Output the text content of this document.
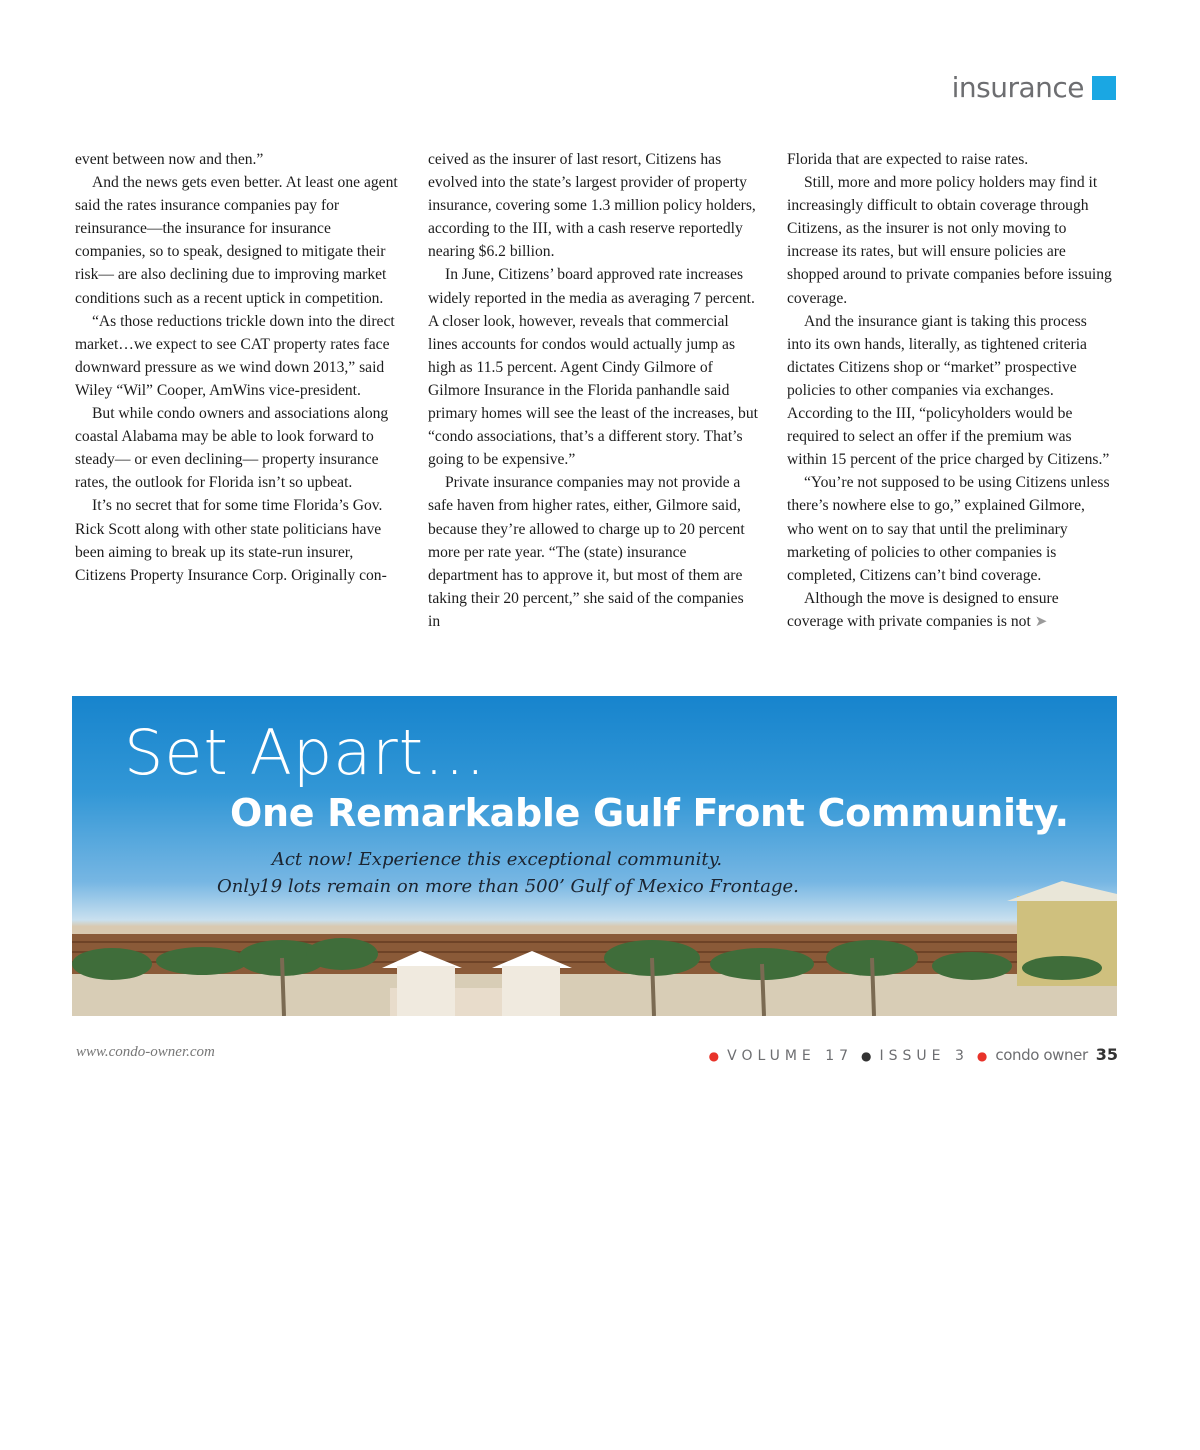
insurance

event between now and then.”

And the news gets even better. At least one agent said the rates insurance companies pay for reinsurance—the insurance for insurance companies, so to speak, designed to mitigate their risk— are also declining due to improving market conditions such as a recent uptick in competition.

“As those reductions trickle down into the direct market…we expect to see CAT property rates face downward pressure as we wind down 2013,” said Wiley “Wil” Cooper, AmWins vice-president.

But while condo owners and associations along coastal Alabama may be able to look forward to steady— or even declining— property insurance rates, the outlook for Florida isn’t so upbeat.

It’s no secret that for some time Florida’s Gov. Rick Scott along with other state politicians have been aiming to break up its state-run insurer, Citizens Property Insurance Corp. Originally con-

ceived as the insurer of last resort, Citizens has evolved into the state’s largest provider of property insurance, covering some 1.3 million policy holders, according to the III, with a cash reserve reportedly nearing $6.2 billion.

In June, Citizens’ board approved rate increases widely reported in the media as averaging 7 percent. A closer look, however, reveals that commercial lines accounts for condos would actually jump as high as 11.5 percent. Agent Cindy Gilmore of Gilmore Insurance in the Florida panhandle said primary homes will see the least of the increases, but “condo associations, that’s a different story. That’s going to be expensive.”

Private insurance companies may not provide a safe haven from higher rates, either, Gilmore said, because they’re allowed to charge up to 20 percent more per rate year. “The (state) insurance department has to approve it, but most of them are taking their 20 percent,” she said of the companies in

Florida that are expected to raise rates.

Still, more and more policy holders may find it increasingly difficult to obtain coverage through Citizens, as the insurer is not only moving to increase its rates, but will ensure policies are shopped around to private companies before issuing coverage.

And the insurance giant is taking this process into its own hands, literally, as tightened criteria dictates Citizens shop or “market” prospective policies to other companies via exchanges. According to the III, “policyholders would be required to select an offer if the premium was within 15 percent of the price charged by Citizens.”

“You’re not supposed to be using Citizens unless there’s nowhere else to go,” explained Gilmore, who went on to say that until the preliminary marketing of policies to other companies is completed, Citizens can’t bind coverage.

Although the move is designed to ensure coverage with private companies is not ➤

Set Apart...
One Remarkable Gulf Front Community.
Act now! Experience this exceptional community.
Only19 lots remain on more than 500’ Gulf of Mexico Frontage.
www.condo-owner.com	● VOLUME 17 ● ISSUE 3 ● condo owner 35
